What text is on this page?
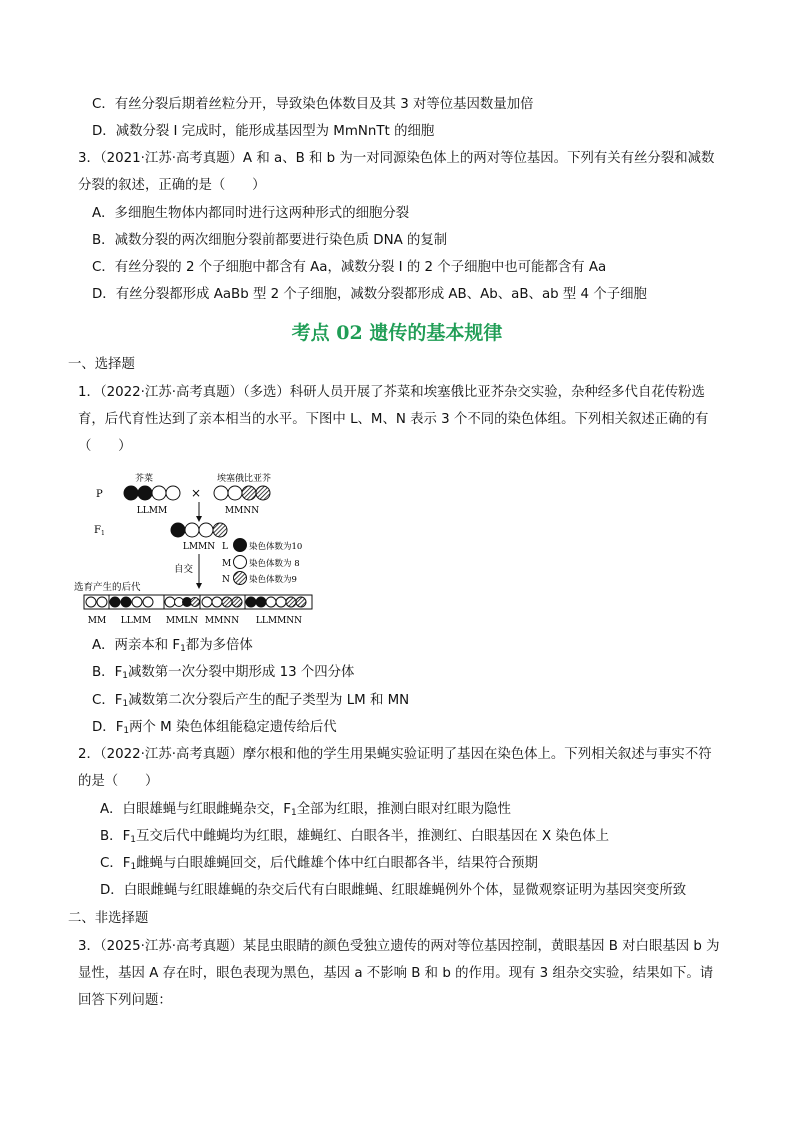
C．有丝分裂后期着丝粒分开，导致染色体数目及其 3 对等位基因数量加倍
D．减数分裂 Ⅰ 完成时，能形成基因型为 MmNnTt 的细胞
3．（2021·江苏·高考真题）A 和 a、B 和 b 为一对同源染色体上的两对等位基因。下列有关有丝分裂和减数
分裂的叙述，正确的是（　　）
A．多细胞生物体内都同时进行这两种形式的细胞分裂
B．减数分裂的两次细胞分裂前都要进行染色质 DNA 的复制
C．有丝分裂的 2 个子细胞中都含有 Aa，减数分裂 Ⅰ 的 2 个子细胞中也可能都含有 Aa
D．有丝分裂都形成 AaBb 型 2 个子细胞，减数分裂都形成 AB、Ab、aB、ab 型 4 个子细胞
考点 02 遗传的基本规律
一、选择题
1．（2022·江苏·高考真题）（多选）科研人员开展了芥菜和埃塞俄比亚芥杂交实验，杂种经多代自花传粉选
育，后代育性达到了亲本相当的水平。下图中 L、M、N 表示 3 个不同的染色体组。下列相关叙述正确的有
（　　）
芥菜	埃塞俄比亚芥
P	×
LLMM	MMNN
$F_1$
LMMN L 染色体数为10
M 染色体数为 8
N 染色体数为9
自交
选育产生的后代
MM LLMM MMLN MMNN LLMMNN
A．两亲本和 $F_1$都为多倍体
B．$F_1$减数第一次分裂中期形成 13 个四分体
C．$F_1$减数第二次分裂后产生的配子类型为 LM 和 MN
D．$F_1$两个 M 染色体组能稳定遗传给后代
2．（2022·江苏·高考真题）摩尔根和他的学生用果蝇实验证明了基因在染色体上。下列相关叙述与事实不符
的是（　　）
A．白眼雄蝇与红眼雌蝇杂交，$F_1$全部为红眼，推测白眼对红眼为隐性
B．$F_1$互交后代中雌蝇均为红眼，雄蝇红、白眼各半，推测红、白眼基因在 X 染色体上
C．$F_1$雌蝇与白眼雄蝇回交，后代雌雄个体中红白眼都各半，结果符合预期
D．白眼雌蝇与红眼雄蝇的杂交后代有白眼雌蝇、红眼雄蝇例外个体，显微观察证明为基因突变所致
二、非选择题
3．（2025·江苏·高考真题）某昆虫眼睛的颜色受独立遗传的两对等位基因控制，黄眼基因 B 对白眼基因 b 为
显性，基因 A 存在时，眼色表现为黑色，基因 a 不影响 B 和 b 的作用。现有 3 组杂交实验，结果如下。请
回答下列问题：
